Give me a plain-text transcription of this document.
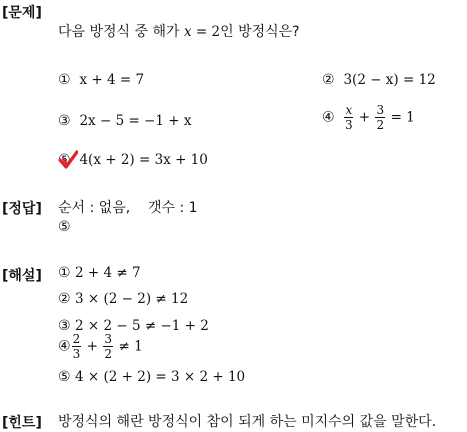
[문제]
다음 방정식 중 해가 x = 2인 방정식은?
① x + 4 = 7	② 3(2 − x) = 12
③ 2x − 5 = −1 + x	④ $\frac{x}{3} + \frac{3}{2} = 1$
⑤ 4(x + 2) = 3x + 10
[정답] 순서 : 없음, 갯수 : 1
⑤
[해설] ① 2 + 4 ≠ 7
② 3 × (2 − 2) ≠ 12
③ 2 × 2 − 5 ≠ −1 + 2
④ $\frac{2}{3} + \frac{3}{2} \ne 1$
⑤ 4 × (2 + 2) = 3 × 2 + 10
[힌트] 방정식의 해란 방정식이 참이 되게 하는 미지수의 값을 말한다.
